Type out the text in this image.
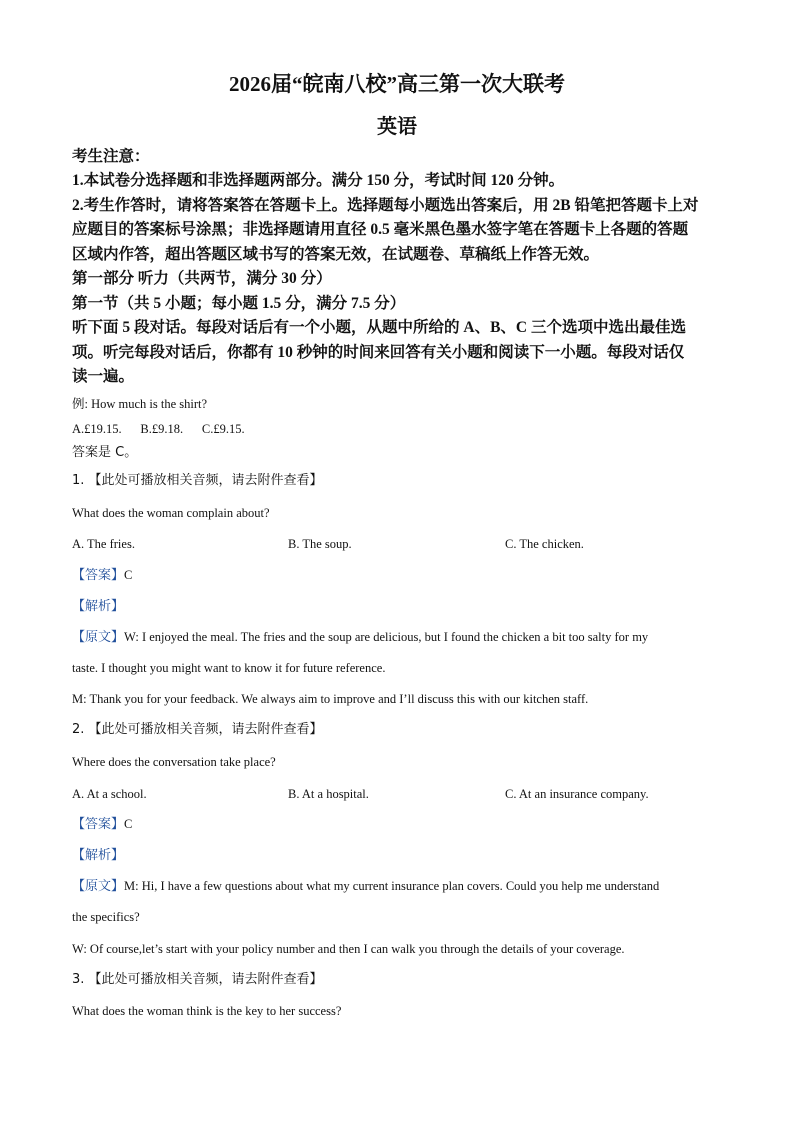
2026届“皖南八校”高三第一次大联考
英语
考生注意：
1.本试卷分选择题和非选择题两部分。满分 150 分，考试时间 120 分钟。
2.考生作答时，请将答案答在答题卡上。选择题每小题选出答案后，用 2B 铅笔把答题卡上对
应题目的答案标号涂黑；非选择题请用直径 0.5 毫米黑色墨水签字笔在答题卡上各题的答题
区域内作答，超出答题区域书写的答案无效，在试题卷、草稿纸上作答无效。
第一部分 听力（共两节，满分 30 分）
第一节（共 5 小题；每小题 1.5 分，满分 7.5 分）
听下面 5 段对话。每段对话后有一个小题，从题中所给的 A、B、C 三个选项中选出最佳选
项。听完每段对话后，你都有 10 秒钟的时间来回答有关小题和阅读下一小题。每段对话仅
读一遍。
例: How much is the shirt?
A.£19.15.      B.£9.18.      C.£9.15.
答案是 C。
1. 【此处可播放相关音频，请去附件查看】
What does the woman complain about?
A. The fries.	B. The soup.	C. The chicken.
【答案】C
【解析】
【原文】W: I enjoyed the meal. The fries and the soup are delicious, but I found the chicken a bit too salty for my
taste. I thought you might want to know it for future reference.
M: Thank you for your feedback. We always aim to improve and I’ll discuss this with our kitchen staff.
2. 【此处可播放相关音频，请去附件查看】
Where does the conversation take place?
A. At a school.	B. At a hospital.	C. At an insurance company.
【答案】C
【解析】
【原文】M: Hi, I have a few questions about what my current insurance plan covers. Could you help me understand
the specifics?
W: Of course,let’s start with your policy number and then I can walk you through the details of your coverage.
3. 【此处可播放相关音频，请去附件查看】
What does the woman think is the key to her success?
